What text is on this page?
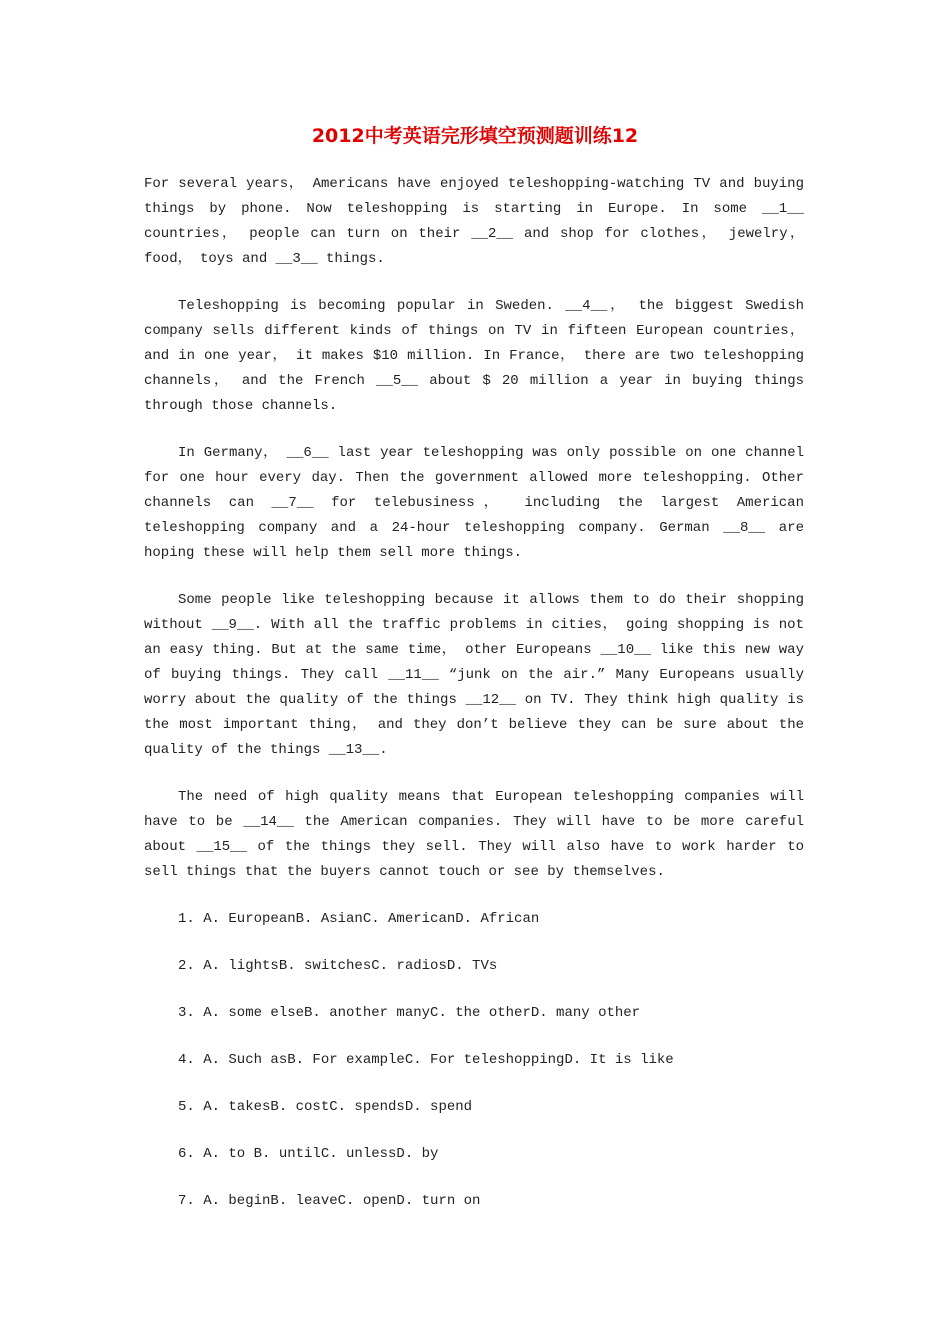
2012中考英语完形填空预测题训练12

For several years， Americans have enjoyed teleshopping-watching TV and buying things by phone. Now teleshopping is starting in Europe. In some __1__ countries， people can turn on their __2__ and shop for clothes， jewelry， food， toys and __3__ things.

Teleshopping is becoming popular in Sweden. __4__， the biggest Swedish company sells different kinds of things on TV in fifteen European countries， and in one year， it makes $10 million. In France， there are two teleshopping channels， and the French __5__ about $ 20 million a year in buying things through those channels.

In Germany， __6__ last year teleshopping was only possible on one channel for one hour every day. Then the government allowed more teleshopping. Other channels can __7__ for telebusiness， including the largest American teleshopping company and a 24-hour teleshopping company. German __8__ are hoping these will help them sell more things.

Some people like teleshopping because it allows them to do their shopping without __9__. With all the traffic problems in cities， going shopping is not an easy thing. But at the same time， other Europeans __10__ like this new way of buying things. They call __11__ “junk on the air.” Many Europeans usually worry about the quality of the things __12__ on TV. They think high quality is the most important thing， and they don’t believe they can be sure about the quality of the things __13__.

The need of high quality means that European teleshopping companies will have to be __14__ the American companies. They will have to be more careful about __15__ of the things they sell. They will also have to work harder to sell things that the buyers cannot touch or see by themselves.

1. A. EuropeanB. AsianC. AmericanD. African
2. A. lightsB. switchesC. radiosD. TVs
3. A. some elseB. another manyC. the otherD. many other
4. A. Such asB. For exampleC. For teleshoppingD. It is like
5. A. takesB. costC. spendsD. spend
6. A. to B. untilC. unlessD. by
7. A. beginB. leaveC. openD. turn on
